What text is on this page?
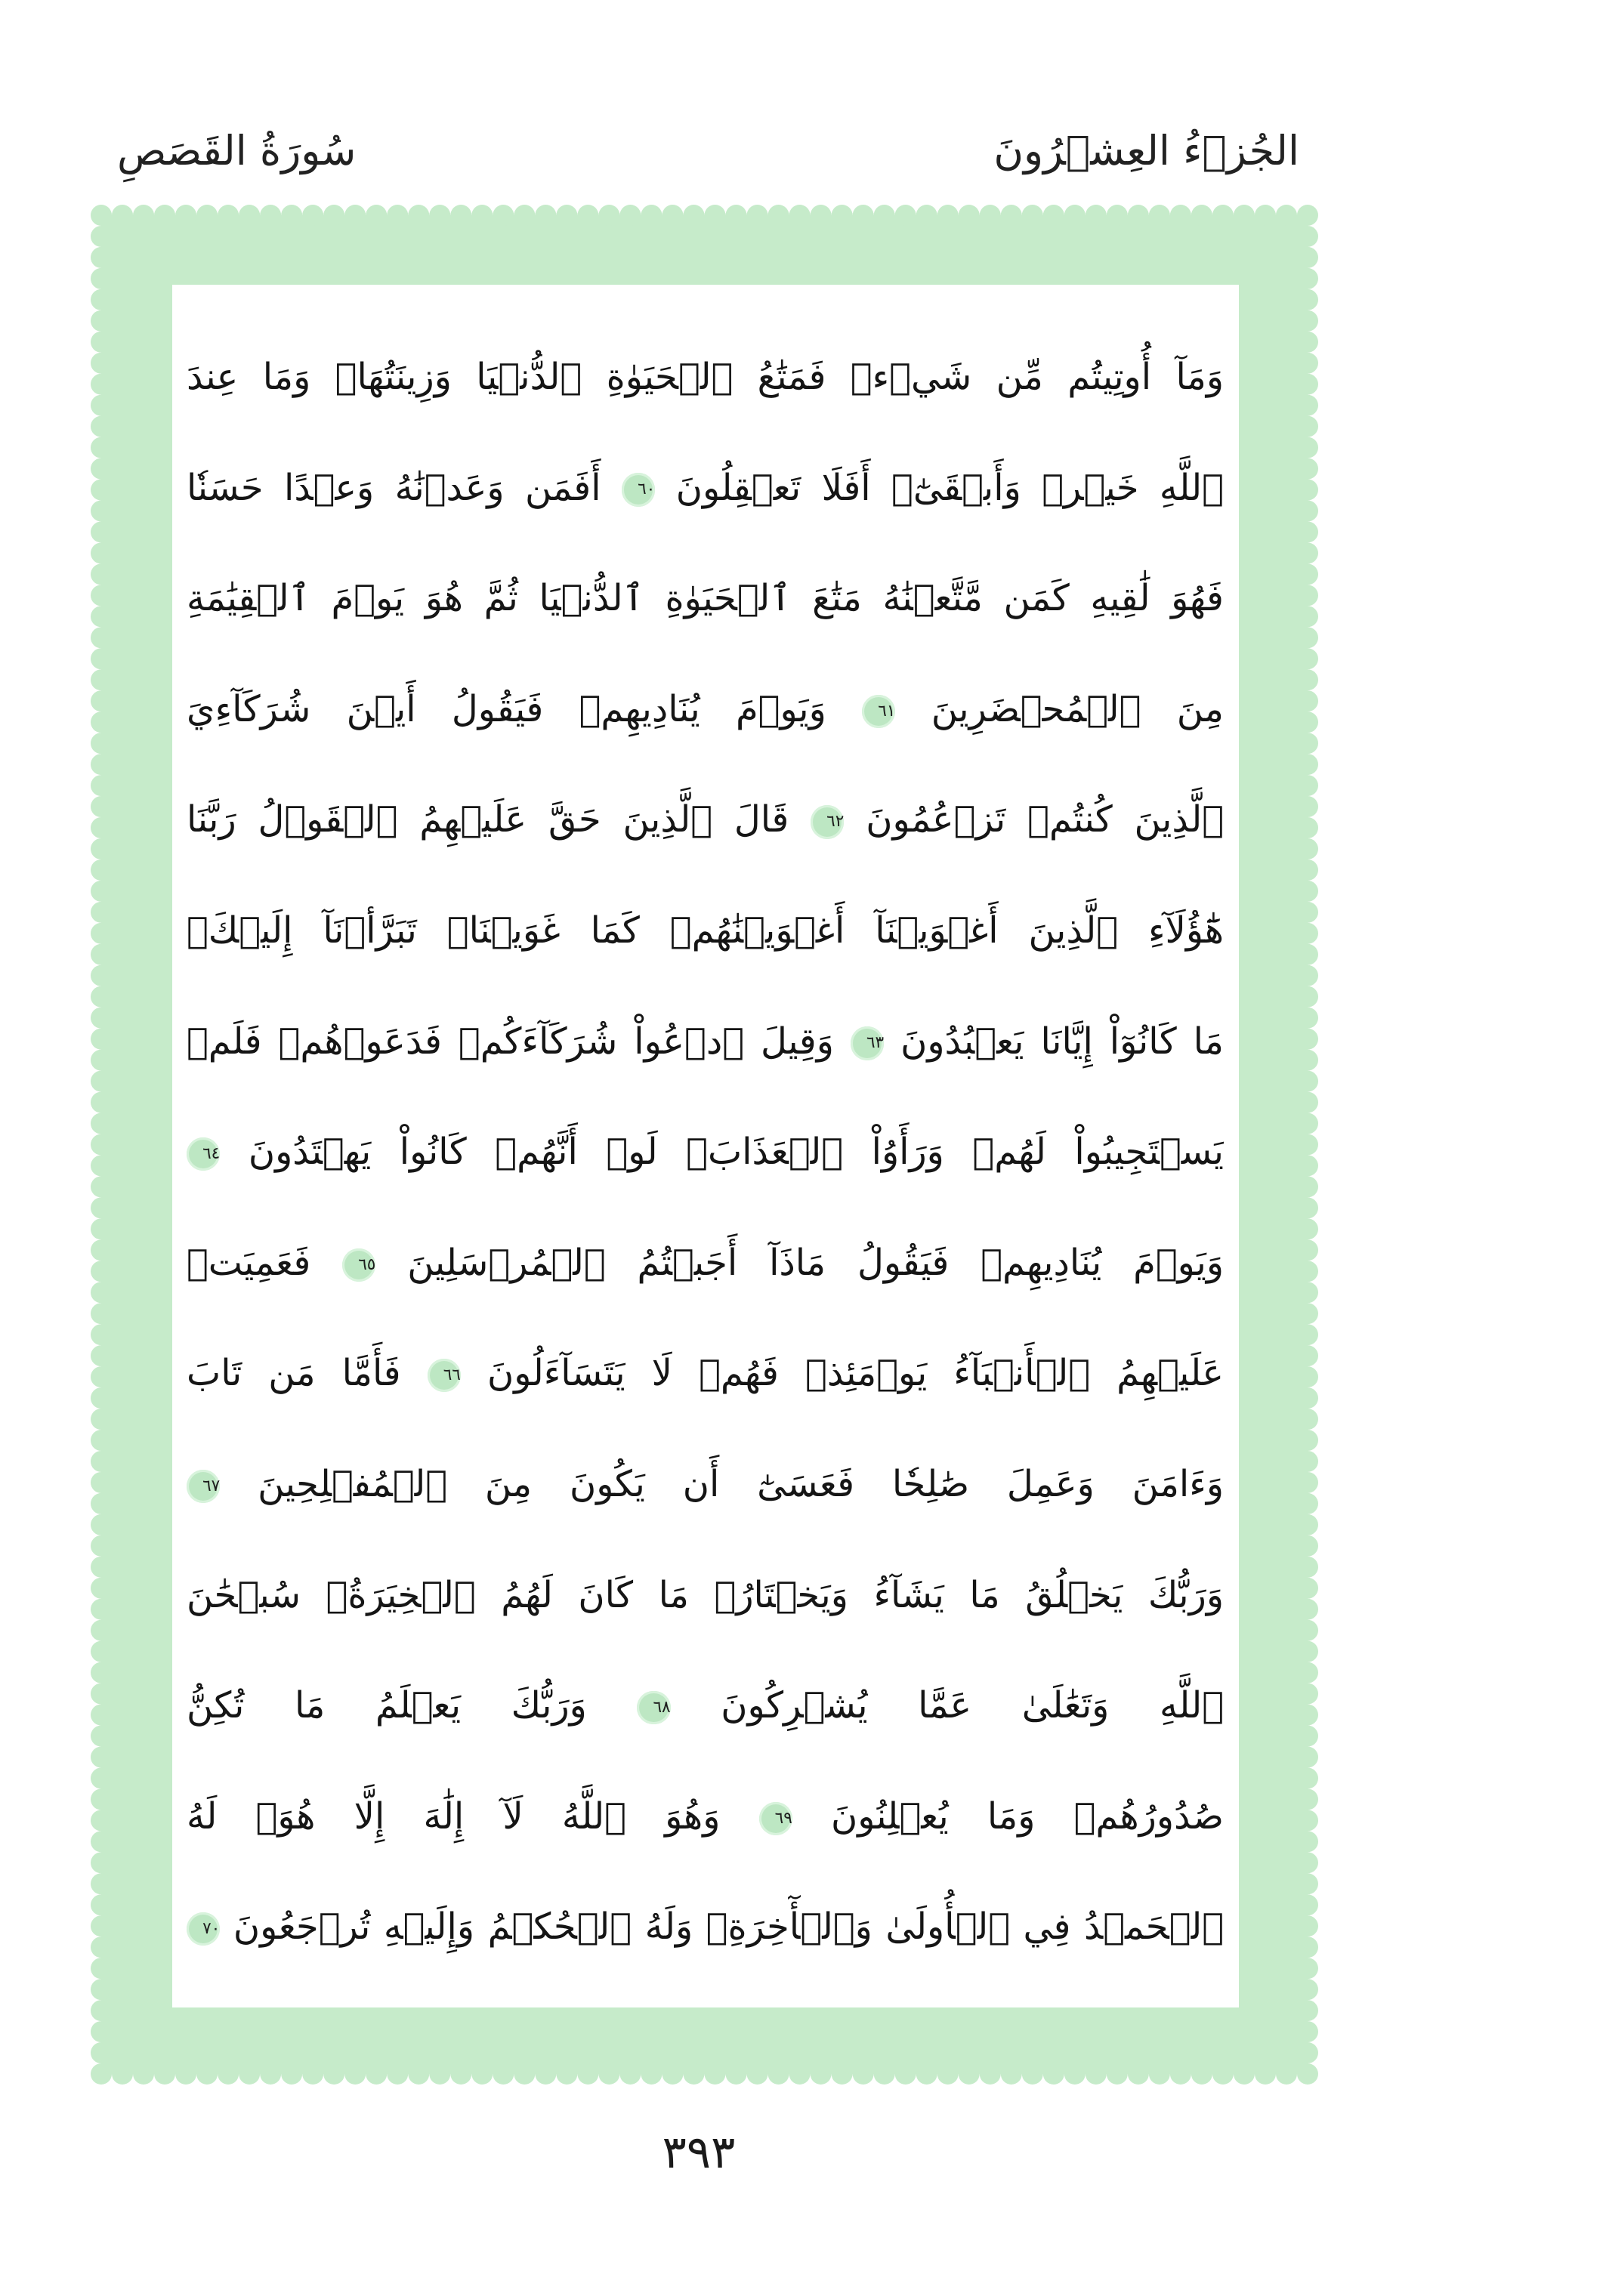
الجُزۡءُ العِشۡرُونَ
سُورَةُ القَصَصِ
وَمَآ أُوتِيتُم مِّن شَيۡءٖ فَمَتَٰعُ ٱلۡحَيَوٰةِ ٱلدُّنۡيَا وَزِينَتُهَاۚ وَمَا عِندَ
ٱللَّهِ خَيۡرٞ وَأَبۡقَىٰٓۚ أَفَلَا تَعۡقِلُونَ ٦٠ أَفَمَن وَعَدۡنَٰهُ وَعۡدًا حَسَنٗا
فَهُوَ لَٰقِيهِ كَمَن مَّتَّعۡنَٰهُ مَتَٰعَ ٱلۡحَيَوٰةِ ٱلدُّنۡيَا ثُمَّ هُوَ يَوۡمَ ٱلۡقِيَٰمَةِ
مِنَ ٱلۡمُحۡضَرِينَ ٦١ وَيَوۡمَ يُنَادِيهِمۡ فَيَقُولُ أَيۡنَ شُرَكَآءِيَ
ٱلَّذِينَ كُنتُمۡ تَزۡعُمُونَ ٦٢ قَالَ ٱلَّذِينَ حَقَّ عَلَيۡهِمُ ٱلۡقَوۡلُ رَبَّنَا
هَٰٓؤُلَآءِ ٱلَّذِينَ أَغۡوَيۡنَآ أَغۡوَيۡنَٰهُمۡ كَمَا غَوَيۡنَاۖ تَبَرَّأۡنَآ إِلَيۡكَۖ
مَا كَانُوٓاْ إِيَّانَا يَعۡبُدُونَ ٦٣ وَقِيلَ ٱدۡعُواْ شُرَكَآءَكُمۡ فَدَعَوۡهُمۡ فَلَمۡ
يَسۡتَجِيبُواْ لَهُمۡ وَرَأَوُاْ ٱلۡعَذَابَۚ لَوۡ أَنَّهُمۡ كَانُواْ يَهۡتَدُونَ ٦٤
وَيَوۡمَ يُنَادِيهِمۡ فَيَقُولُ مَاذَآ أَجَبۡتُمُ ٱلۡمُرۡسَلِينَ ٦٥ فَعَمِيَتۡ
عَلَيۡهِمُ ٱلۡأَنۢبَآءُ يَوۡمَئِذٖ فَهُمۡ لَا يَتَسَآءَلُونَ ٦٦ فَأَمَّا مَن تَابَ
وَءَامَنَ وَعَمِلَ صَٰلِحٗا فَعَسَىٰٓ أَن يَكُونَ مِنَ ٱلۡمُفۡلِحِينَ ٦٧
وَرَبُّكَ يَخۡلُقُ مَا يَشَآءُ وَيَخۡتَارُۗ مَا كَانَ لَهُمُ ٱلۡخِيَرَةُۚ سُبۡحَٰنَ
ٱللَّهِ وَتَعَٰلَىٰ عَمَّا يُشۡرِكُونَ ٦٨ وَرَبُّكَ يَعۡلَمُ مَا تُكِنُّ
صُدُورُهُمۡ وَمَا يُعۡلِنُونَ ٦٩ وَهُوَ ٱللَّهُ لَآ إِلَٰهَ إِلَّا هُوَۖ لَهُ
ٱلۡحَمۡدُ فِي ٱلۡأُولَىٰ وَٱلۡأٓخِرَةِۖ وَلَهُ ٱلۡحُكۡمُ وَإِلَيۡهِ تُرۡجَعُونَ ٧٠
٣٩٣
